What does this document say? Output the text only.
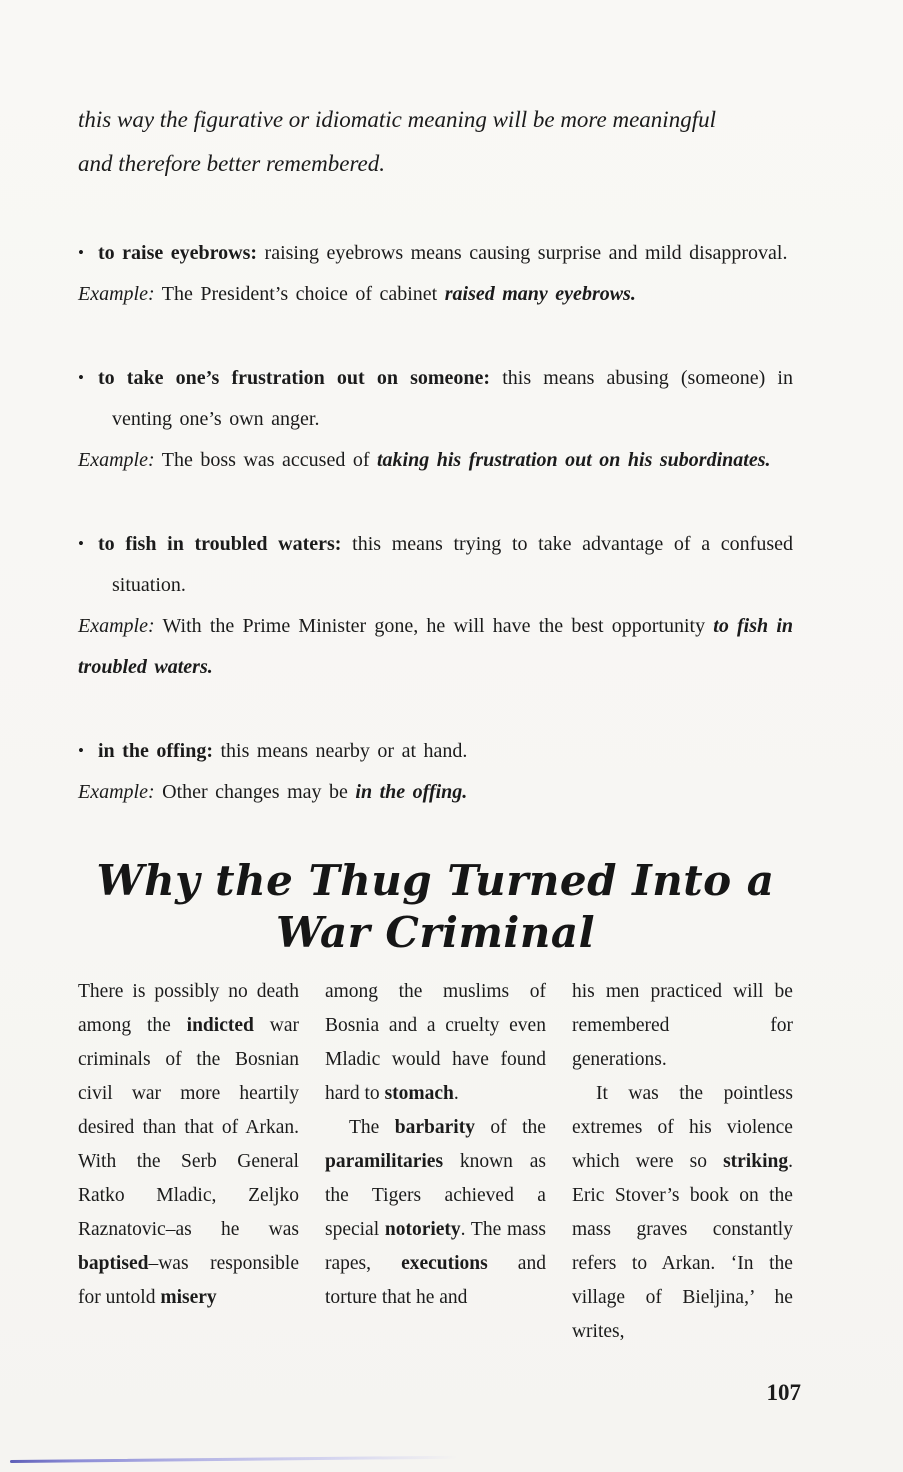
this way the figurative or idiomatic meaning will be more meaningful
and therefore better remembered.

• to raise eyebrows: raising eyebrows means causing surprise and mild disapproval.

Example: The President’s choice of cabinet raised many eyebrows.

• to take one’s frustration out on someone: this means abusing (someone) in venting one’s own anger.

Example: The boss was accused of taking his frustration out on his subordinates.

• to fish in troubled waters: this means trying to take advantage of a confused situation.

Example: With the Prime Minister gone, he will have the best opportunity to fish in troubled waters.

• in the offing: this means nearby or at hand.

Example: Other changes may be in the offing.

Why the Thug Turned Into a War Criminal

There is possibly no death among the indicted war criminals of the Bosnian civil war more heartily desired than that of Arkan. With the Serb General Ratko Mladic, Zeljko Raznatovic–as he was baptised–was responsible for untold misery

among the muslims of Bosnia and a cruelty even Mladic would have found hard to stomach.

The barbarity of the paramilitaries known as the Tigers achieved a special notoriety. The mass rapes, executions and torture that he and

his men practiced will be remembered for generations.

It was the pointless extremes of his violence which were so striking. Eric Stover’s book on the mass graves constantly refers to Arkan. ‘In the village of Bieljina,’ he writes,

107
